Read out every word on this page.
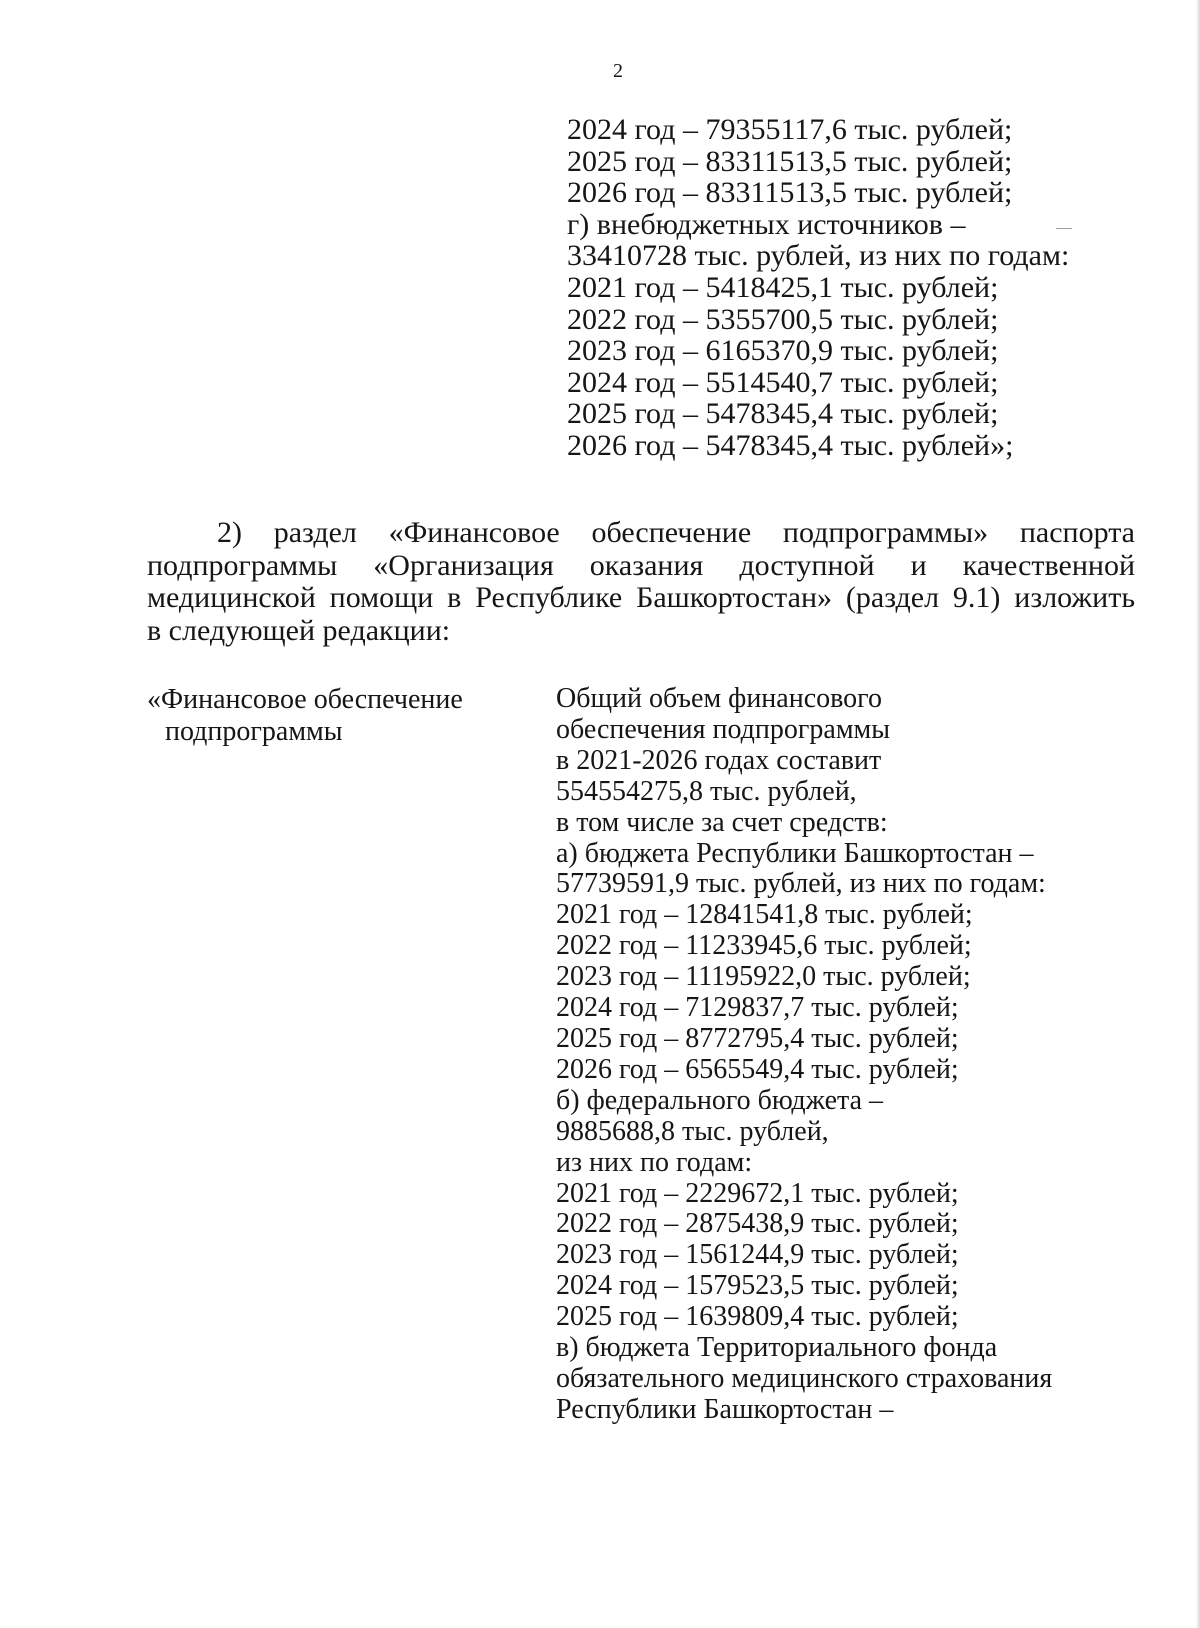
2
2024 год – 79355117,6 тыс. рублей;
2025 год – 83311513,5 тыс. рублей;
2026 год – 83311513,5 тыс. рублей;
г) внебюджетных источников –
33410728 тыс. рублей, из них по годам:
2021 год – 5418425,1 тыс. рублей;
2022 год – 5355700,5 тыс. рублей;
2023 год – 6165370,9 тыс. рублей;
2024 год – 5514540,7 тыс. рублей;
2025 год – 5478345,4 тыс. рублей;
2026 год – 5478345,4 тыс. рублей»;
2) раздел «Финансовое обеспечение подпрограммы» паспорта
подпрограммы «Организация оказания доступной и качественной
медицинской помощи в Республике Башкортостан» (раздел 9.1) изложить
в следующей редакции:
«Финансовое обеспечение
подпрограммы
Общий объем финансового
обеспечения подпрограммы
в 2021-2026 годах составит
554554275,8 тыс. рублей,
в том числе за счет средств:
а) бюджета Республики Башкортостан –
57739591,9 тыс. рублей, из них по годам:
2021 год – 12841541,8 тыс. рублей;
2022 год – 11233945,6 тыс. рублей;
2023 год – 11195922,0 тыс. рублей;
2024 год – 7129837,7 тыс. рублей;
2025 год – 8772795,4 тыс. рублей;
2026 год – 6565549,4 тыс. рублей;
б) федерального бюджета –
9885688,8 тыс. рублей,
из них по годам:
2021 год – 2229672,1 тыс. рублей;
2022 год – 2875438,9 тыс. рублей;
2023 год – 1561244,9 тыс. рублей;
2024 год – 1579523,5 тыс. рублей;
2025 год – 1639809,4 тыс. рублей;
в) бюджета Территориального фонда
обязательного медицинского страхования
Республики Башкортостан –
